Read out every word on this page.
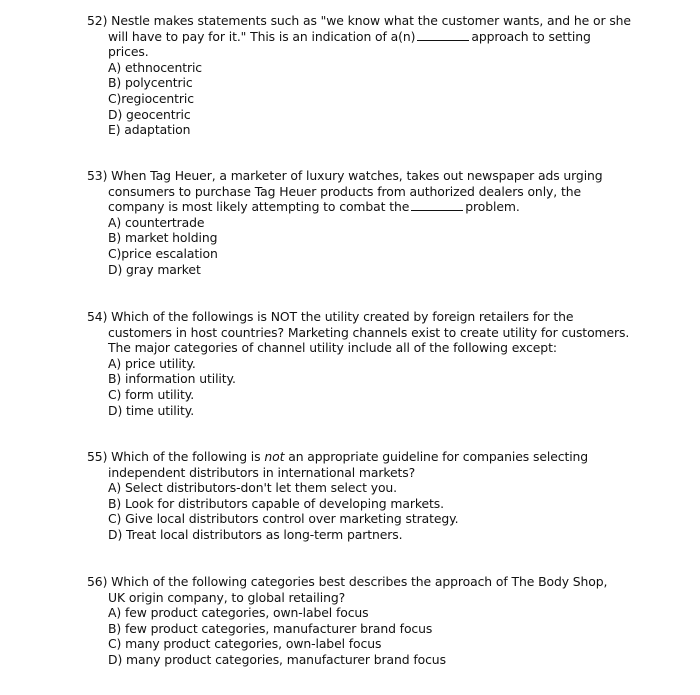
52) Nestle makes statements such as "we know what the customer wants, and he or she
will have to pay for it." This is an indication of a(n)	approach to setting
prices.
A) ethnocentric
B) polycentric
C)regiocentric
D) geocentric
E) adaptation
53) When Tag Heuer, a marketer of luxury watches, takes out newspaper ads urging
consumers to purchase Tag Heuer products from authorized dealers only, the
company is most likely attempting to combat the	problem.
A) countertrade
B) market holding
C)price escalation
D) gray market
54) Which of the followings is NOT the utility created by foreign retailers for the
customers in host countries? Marketing channels exist to create utility for customers.
The major categories of channel utility include all of the following except:
A) price utility.
B) information utility.
C) form utility.
D) time utility.
55) Which of the following is not an appropriate guideline for companies selecting
independent distributors in international markets?
A) Select distributors-don't let them select you.
B) Look for distributors capable of developing markets.
C) Give local distributors control over marketing strategy.
D) Treat local distributors as long-term partners.
56) Which of the following categories best describes the approach of The Body Shop,
UK origin company, to global retailing?
A) few product categories, own-label focus
B) few product categories, manufacturer brand focus
C) many product categories, own-label focus
D) many product categories, manufacturer brand focus
